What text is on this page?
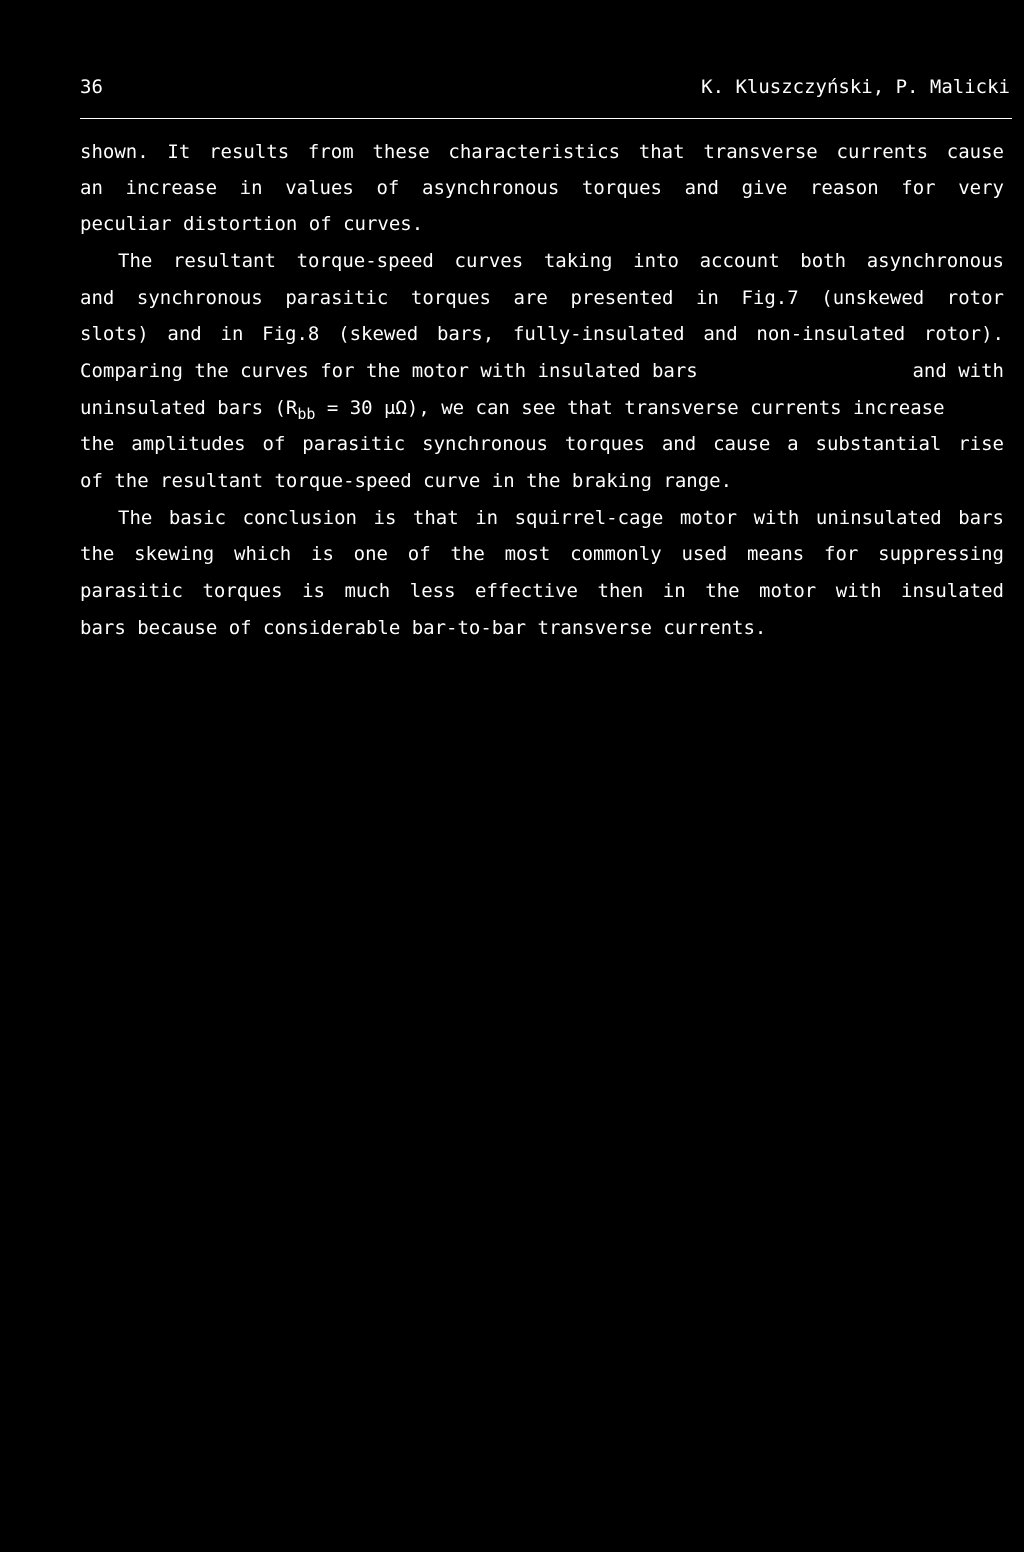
36	K. Kluszczyński, P. Malicki
shown. It results from these characteristics that transverse currents cause
an increase in values of asynchronous torques and give reason for very
peculiar distortion of curves.
The resultant torque-speed curves taking into account both asynchronous
and synchronous parasitic torques are presented in Fig.7 (unskewed rotor
slots) and in Fig.8 (skewed bars, fully-insulated and non-insulated rotor).
Comparing the curves for the motor with insulated bars	and with
uninsulated bars ($R_{bb} = 30$ μΩ), we can see that transverse currents increase
the amplitudes of parasitic synchronous torques and cause a substantial rise
of the resultant torque-speed curve in the braking range.
The basic conclusion is that in squirrel-cage motor with uninsulated bars
the skewing which is one of the most commonly used means for suppressing
parasitic torques is much less effective then in the motor with insulated
bars because of considerable bar-to-bar transverse currents.
